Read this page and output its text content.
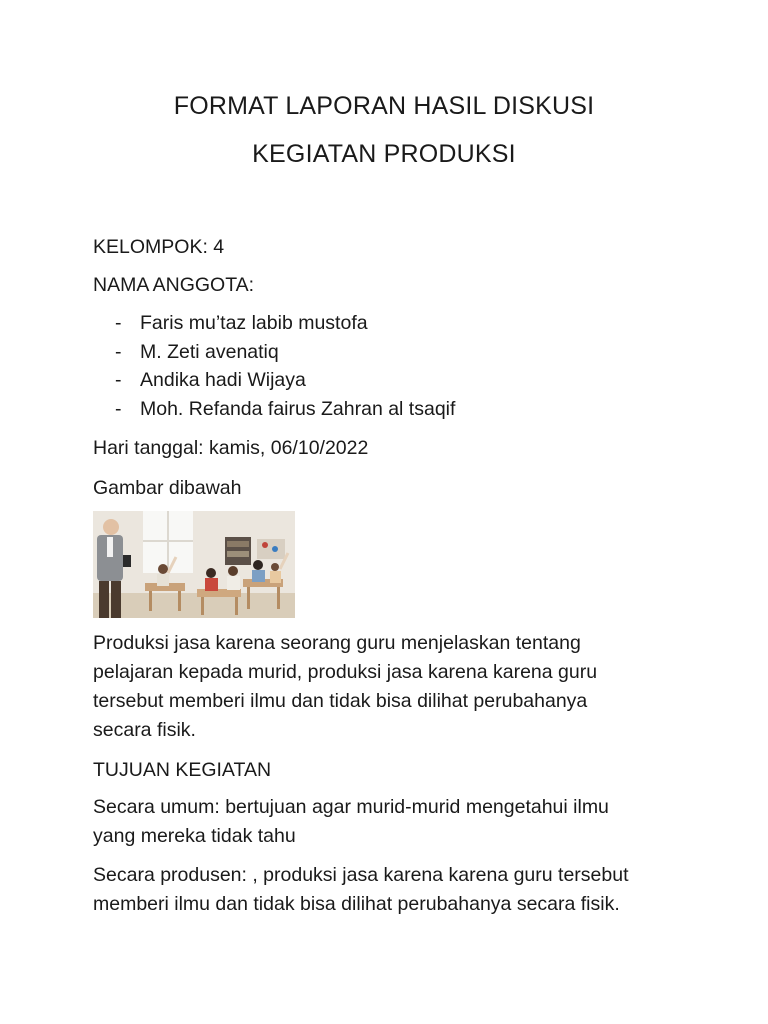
FORMAT LAPORAN HASIL DISKUSI
KEGIATAN PRODUKSI
KELOMPOK: 4
NAMA ANGGOTA:
- Faris mu’taz labib mustofa
- M. Zeti avenatiq
- Andika hadi Wijaya
- Moh. Refanda fairus Zahran al tsaqif
Hari tanggal: kamis, 06/10/2022
Gambar dibawah
Produksi jasa karena seorang guru menjelaskan tentang
pelajaran kepada murid, produksi jasa karena karena guru
tersebut memberi ilmu dan tidak bisa dilihat perubahanya
secara fisik.
TUJUAN KEGIATAN
Secara umum: bertujuan agar murid-murid mengetahui ilmu
yang mereka tidak tahu
Secara produsen: , produksi jasa karena karena guru tersebut
memberi ilmu dan tidak bisa dilihat perubahanya secara fisik.
